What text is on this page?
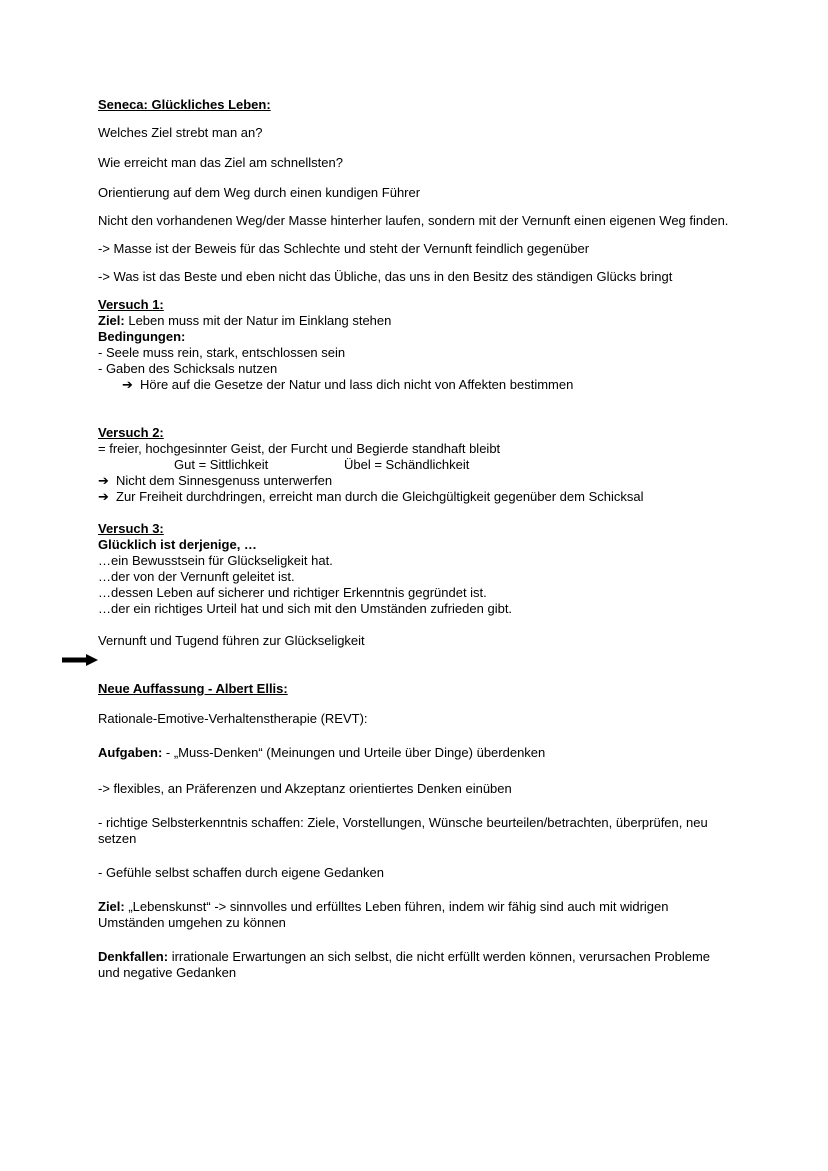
Seneca: Glückliches Leben:

Welches Ziel strebt man an?

Wie erreicht man das Ziel am schnellsten?

Orientierung auf dem Weg durch einen kundigen Führer

Nicht den vorhandenen Weg/der Masse hinterher laufen, sondern mit der Vernunft einen eigenen Weg finden.

-> Masse ist der Beweis für das Schlechte und steht der Vernunft feindlich gegenüber

-> Was ist das Beste und eben nicht das Übliche, das uns in den Besitz des ständigen Glücks bringt

Versuch 1:

Ziel: Leben muss mit der Natur im Einklang stehen

Bedingungen:

- Seele muss rein, stark, entschlossen sein

- Gaben des Schicksals nutzen

➔ Höre auf die Gesetze der Natur und lass dich nicht von Affekten bestimmen

Versuch 2:

= freier, hochgesinnter Geist, der Furcht und Begierde standhaft bleibt

Gut = Sittlichkeit	Übel = Schändlichkeit

➔ Nicht dem Sinnesgenuss unterwerfen

➔ Zur Freiheit durchdringen, erreicht man durch die Gleichgültigkeit gegenüber dem Schicksal

Versuch 3:

Glücklich ist derjenige, …

…ein Bewusstsein für Glückseligkeit hat.

…der von der Vernunft geleitet ist.

…dessen Leben auf sicherer und richtiger Erkenntnis gegründet ist.

…der ein richtiges Urteil hat und sich mit den Umständen zufrieden gibt.

Vernunft und Tugend führen zur Glückseligkeit

Neue Auffassung - Albert Ellis:

Rationale-Emotive-Verhaltenstherapie (REVT):

Aufgaben: - „Muss-Denken“ (Meinungen und Urteile über Dinge) überdenken

-> flexibles, an Präferenzen und Akzeptanz orientiertes Denken einüben

- richtige Selbsterkenntnis schaffen: Ziele, Vorstellungen, Wünsche beurteilen/betrachten, überprüfen, neu setzen

- Gefühle selbst schaffen durch eigene Gedanken

Ziel: „Lebenskunst“ -> sinnvolles und erfülltes Leben führen, indem wir fähig sind auch mit widrigen Umständen umgehen zu können

Denkfallen: irrationale Erwartungen an sich selbst, die nicht erfüllt werden können, verursachen Probleme und negative Gedanken
